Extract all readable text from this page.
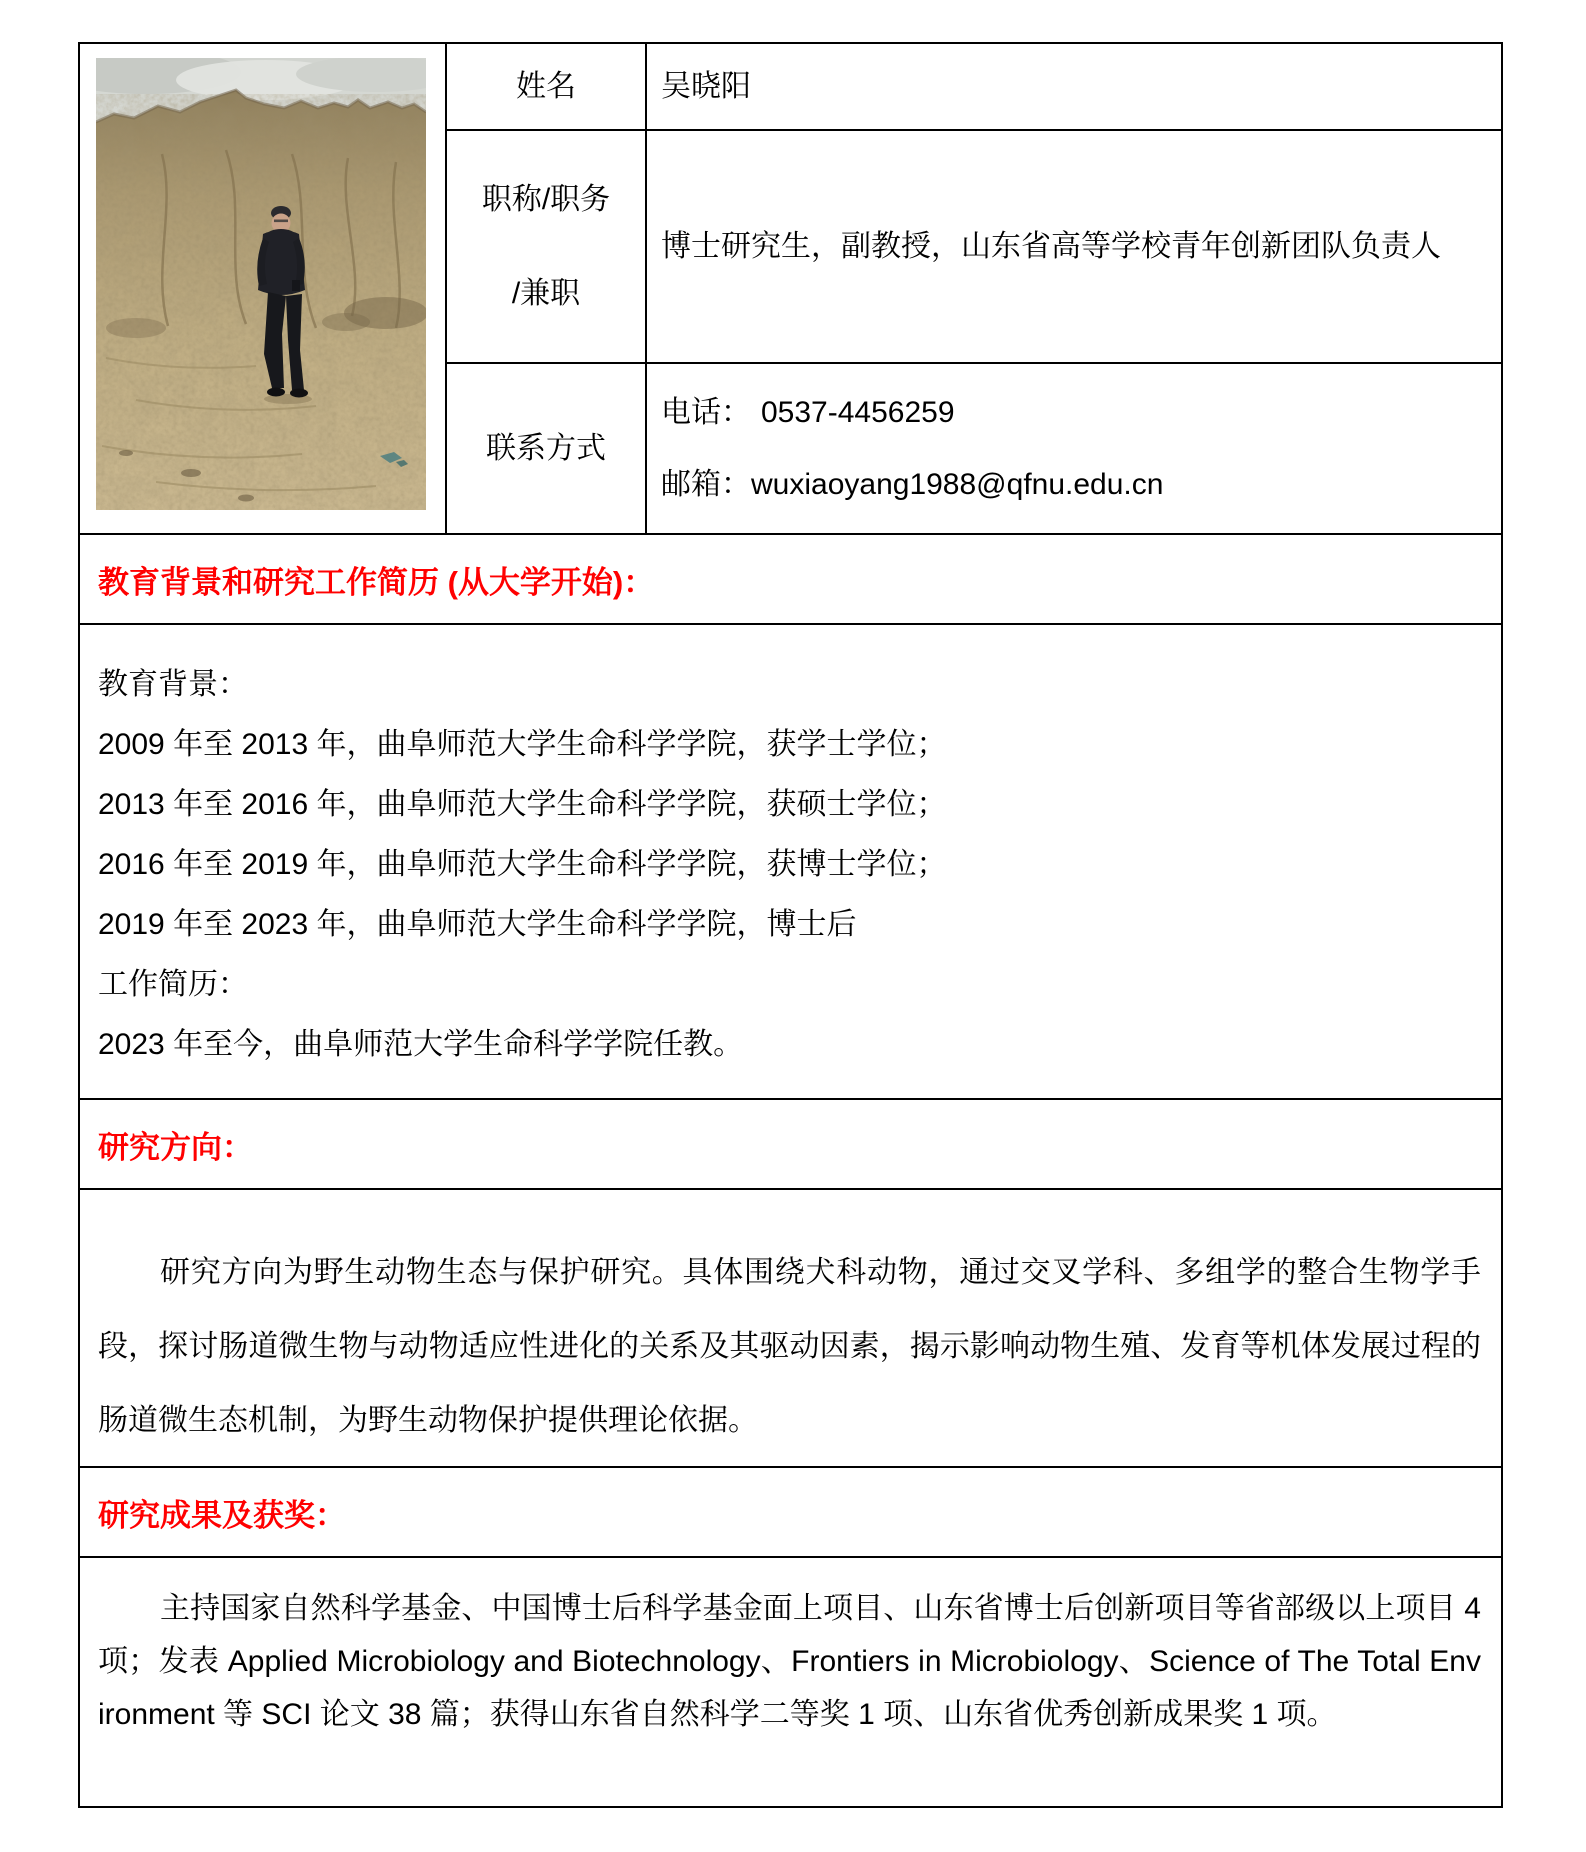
姓名	吴晓阳
职称/职务
/兼职
博士研究生，副教授，山东省高等学校青年创新团队负责人
联系方式
电话： 0537-4456259
邮箱：wuxiaoyang1988@qfnu.edu.cn
教育背景和研究工作简历 (从大学开始)：
教育背景：
2009 年至 2013 年，曲阜师范大学生命科学学院，获学士学位；
2013 年至 2016 年，曲阜师范大学生命科学学院，获硕士学位；
2016 年至 2019 年，曲阜师范大学生命科学学院，获博士学位；
2019 年至 2023 年，曲阜师范大学生命科学学院，博士后
工作简历：
2023 年至今，曲阜师范大学生命科学学院任教。
研究方向：

研究方向为野生动物生态与保护研究。具体围绕犬科动物，通过交叉学科、多组学的整合生物学手段，探讨肠道微生物与动物适应性进化的关系及其驱动因素，揭示影响动物生殖、发育等机体发展过程的肠道微生态机制，为野生动物保护提供理论依据。

研究成果及获奖：

主持国家自然科学基金、中国博士后科学基金面上项目、山东省博士后创新项目等省部级以上项目 4 项；发表 Applied Microbiology and Biotechnology、Frontiers in Microbiology、Science of The Total Environment 等 SCI 论文 38 篇；获得山东省自然科学二等奖 1 项、山东省优秀创新成果奖 1 项。
